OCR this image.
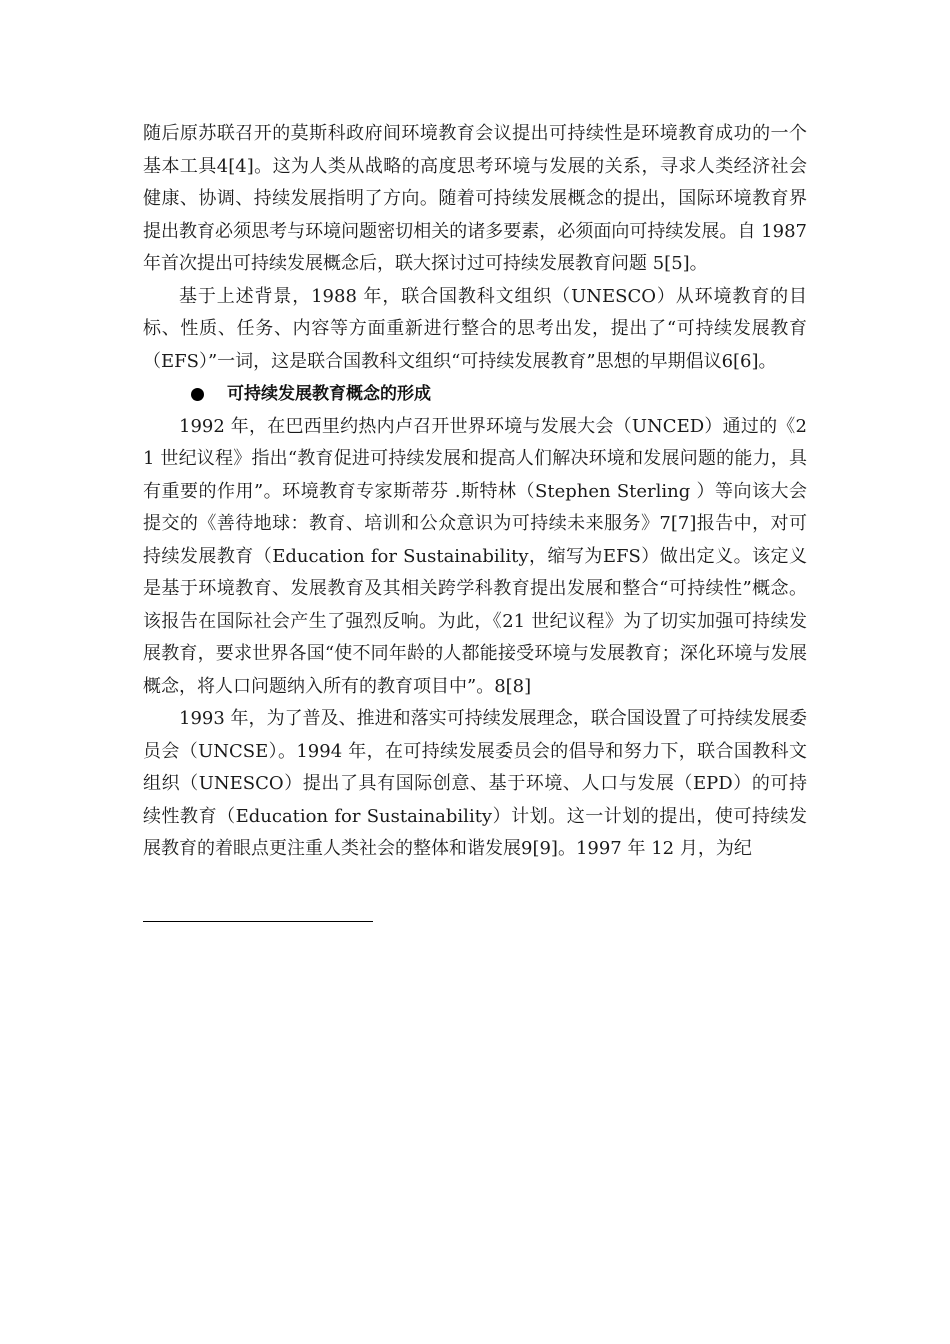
随后原苏联召开的莫斯科政府间环境教育会议提出可持续性是环境教育成功的一个基本工具4[4]。这为人类从战略的高度思考环境与发展的关系，寻求人类经济社会健康、协调、持续发展指明了方向。随着可持续发展概念的提出，国际环境教育界提出教育必须思考与环境问题密切相关的诸多要素，必须面向可持续发展。自 1987 年首次提出可持续发展概念后，联大探讨过可持续发展教育问题 5[5]。

基于上述背景，1988 年，联合国教科文组织（UNESCO）从环境教育的目标、性质、任务、内容等方面重新进行整合的思考出发，提出了“可持续发展教育（EFS）”一词，这是联合国教科文组织“可持续发展教育”思想的早期倡议6[6]。

可持续发展教育概念的形成

1992 年，在巴西里约热内卢召开世界环境与发展大会（UNCED）通过的《21 世纪议程》指出“教育促进可持续发展和提高人们解决环境和发展问题的能力，具有重要的作用”。环境教育专家斯蒂芬 .斯特林（Stephen Sterling ）等向该大会提交的《善待地球：教育、培训和公众意识为可持续未来服务》7[7]报告中，对可持续发展教育（Education for Sustainability，缩写为EFS）做出定义。该定义是基于环境教育、发展教育及其相关跨学科教育提出发展和整合“可持续性”概念。该报告在国际社会产生了强烈反响。为此，《21 世纪议程》为了切实加强可持续发展教育，要求世界各国“使不同年龄的人都能接受环境与发展教育；深化环境与发展概念，将人口问题纳入所有的教育项目中”。8[8]

1993 年，为了普及、推进和落实可持续发展理念，联合国设置了可持续发展委员会（UNCSE）。1994 年，在可持续发展委员会的倡导和努力下，联合国教科文组织（UNESCO）提出了具有国际创意、基于环境、人口与发展（EPD）的可持续性教育（Education for Sustainability）计划。这一计划的提出，使可持续发展教育的着眼点更注重人类社会的整体和谐发展9[9]。1997 年 12 月，为纪
